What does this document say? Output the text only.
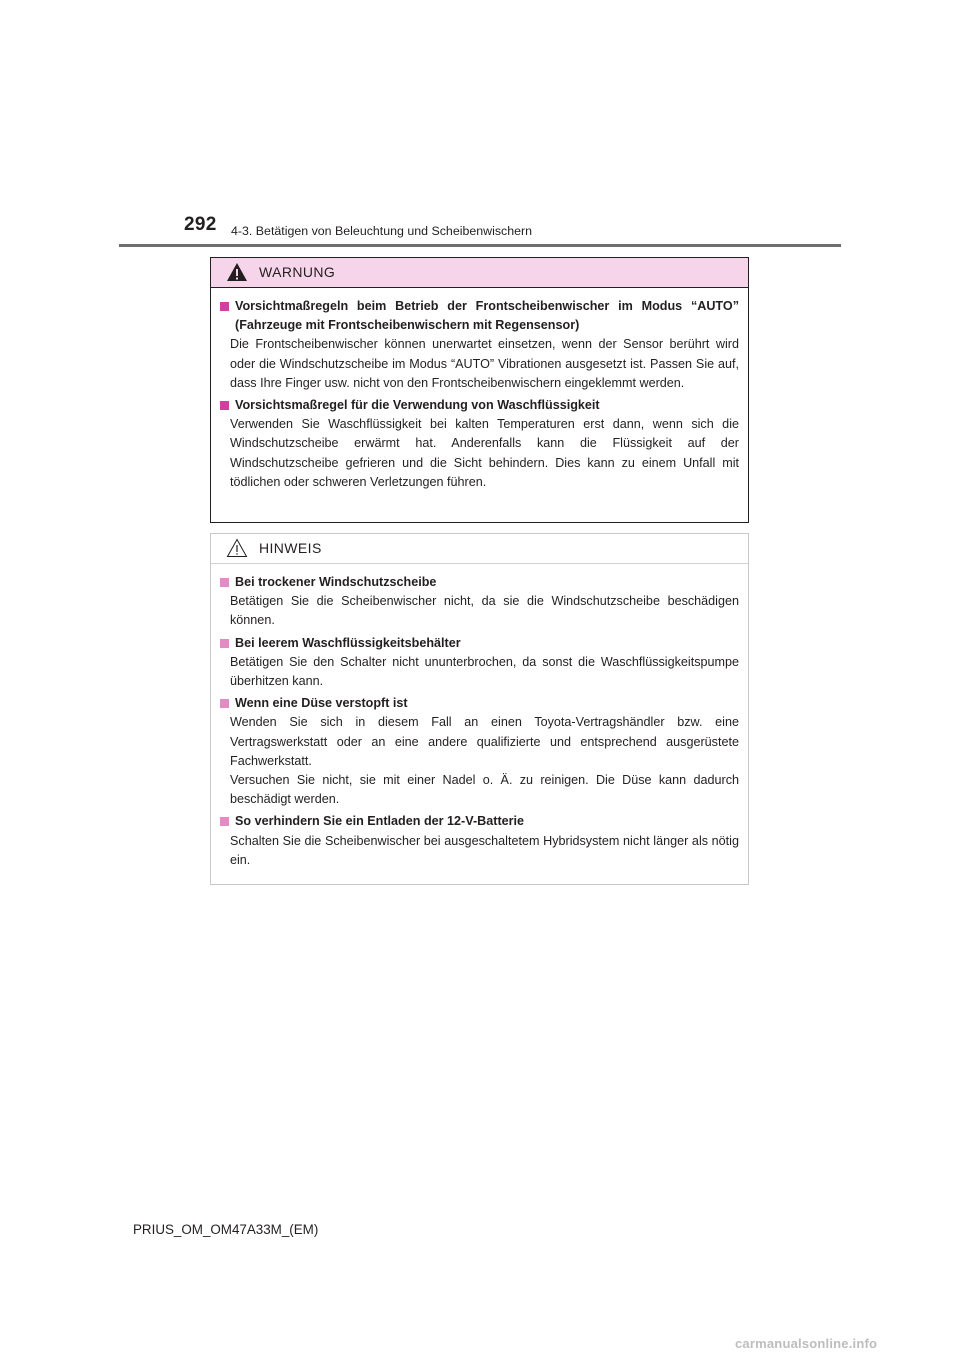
292 4-3. Betätigen von Beleuchtung und Scheibenwischern
WARNUNG
Vorsichtmaßregeln beim Betrieb der Frontscheibenwischer im Modus “AUTO” (Fahrzeuge mit Frontscheibenwischern mit Regensensor)
Die Frontscheibenwischer können unerwartet einsetzen, wenn der Sensor berührt wird oder die Windschutzscheibe im Modus “AUTO” Vibrationen ausgesetzt ist. Passen Sie auf, dass Ihre Finger usw. nicht von den Frontscheibenwischern eingeklemmt werden.
Vorsichtsmaßregel für die Verwendung von Waschflüssigkeit
Verwenden Sie Waschflüssigkeit bei kalten Temperaturen erst dann, wenn sich die Windschutzscheibe erwärmt hat. Anderenfalls kann die Flüssigkeit auf der Windschutzscheibe gefrieren und die Sicht behindern. Dies kann zu einem Unfall mit tödlichen oder schweren Verletzungen führen.
HINWEIS
Bei trockener Windschutzscheibe
Betätigen Sie die Scheibenwischer nicht, da sie die Windschutzscheibe beschädigen können.
Bei leerem Waschflüssigkeitsbehälter
Betätigen Sie den Schalter nicht ununterbrochen, da sonst die Waschflüssigkeitspumpe überhitzen kann.
Wenn eine Düse verstopft ist
Wenden Sie sich in diesem Fall an einen Toyota-Vertragshändler bzw. eine Vertragswerkstatt oder an eine andere qualifizierte und entsprechend ausgerüstete Fachwerkstatt.
Versuchen Sie nicht, sie mit einer Nadel o. Ä. zu reinigen. Die Düse kann dadurch beschädigt werden.
So verhindern Sie ein Entladen der 12-V-Batterie
Schalten Sie die Scheibenwischer bei ausgeschaltetem Hybridsystem nicht länger als nötig ein.
PRIUS_OM_OM47A33M_(EM)
carmanualsonline.info
